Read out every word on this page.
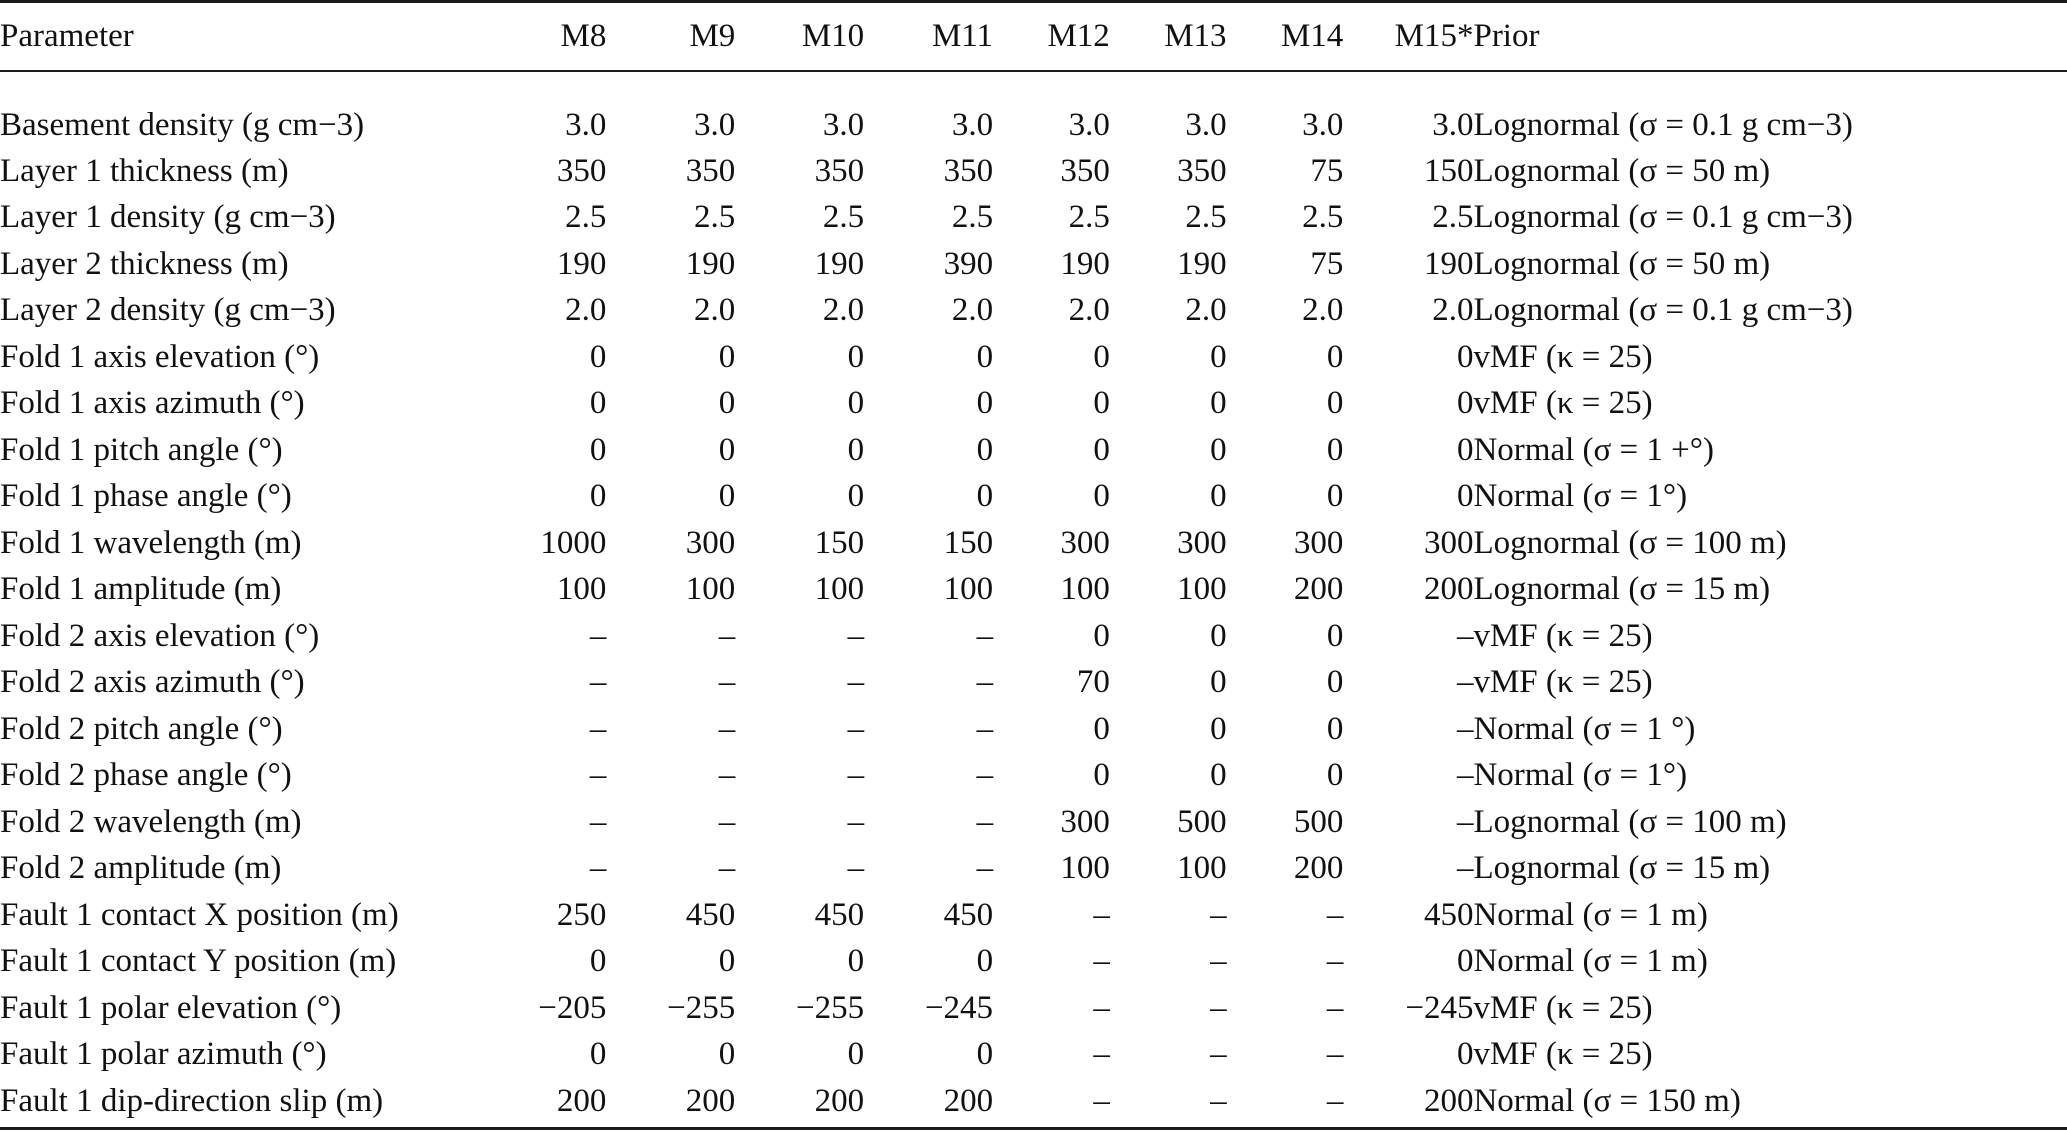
Parameter	M8	M9	M10	M11	M12	M13	M14	M15*	Prior
Basement density (g cm−3)	3.0	3.0	3.0	3.0	3.0	3.0	3.0	3.0	Lognormal (σ = 0.1 g cm−3)
Layer 1 thickness (m)	350	350	350	350	350	350	75	150	Lognormal (σ = 50 m)
Layer 1 density (g cm−3)	2.5	2.5	2.5	2.5	2.5	2.5	2.5	2.5	Lognormal (σ = 0.1 g cm−3)
Layer 2 thickness (m)	190	190	190	390	190	190	75	190	Lognormal (σ = 50 m)
Layer 2 density (g cm−3)	2.0	2.0	2.0	2.0	2.0	2.0	2.0	2.0	Lognormal (σ = 0.1 g cm−3)
Fold 1 axis elevation (°)	0	0	0	0	0	0	0	0	vMF (κ = 25)
Fold 1 axis azimuth (°)	0	0	0	0	0	0	0	0	vMF (κ = 25)
Fold 1 pitch angle (°)	0	0	0	0	0	0	0	0	Normal (σ = 1 +°)
Fold 1 phase angle (°)	0	0	0	0	0	0	0	0	Normal (σ = 1°)
Fold 1 wavelength (m)	1000	300	150	150	300	300	300	300	Lognormal (σ = 100 m)
Fold 1 amplitude (m)	100	100	100	100	100	100	200	200	Lognormal (σ = 15 m)
Fold 2 axis elevation (°)	–	–	–	–	0	0	0	–	vMF (κ = 25)
Fold 2 axis azimuth (°)	–	–	–	–	70	0	0	–	vMF (κ = 25)
Fold 2 pitch angle (°)	–	–	–	–	0	0	0	–	Normal (σ = 1 °)
Fold 2 phase angle (°)	–	–	–	–	0	0	0	–	Normal (σ = 1°)
Fold 2 wavelength (m)	–	–	–	–	300	500	500	–	Lognormal (σ = 100 m)
Fold 2 amplitude (m)	–	–	–	–	100	100	200	–	Lognormal (σ = 15 m)
Fault 1 contact X position (m)	250	450	450	450	–	–	–	450	Normal (σ = 1 m)
Fault 1 contact Y position (m)	0	0	0	0	–	–	–	0	Normal (σ = 1 m)
Fault 1 polar elevation (°)	−205	−255	−255	−245	–	–	–	−245	vMF (κ = 25)
Fault 1 polar azimuth (°)	0	0	0	0	–	–	–	0	vMF (κ = 25)
Fault 1 dip-direction slip (m)	200	200	200	200	–	–	–	200	Normal (σ = 150 m)
